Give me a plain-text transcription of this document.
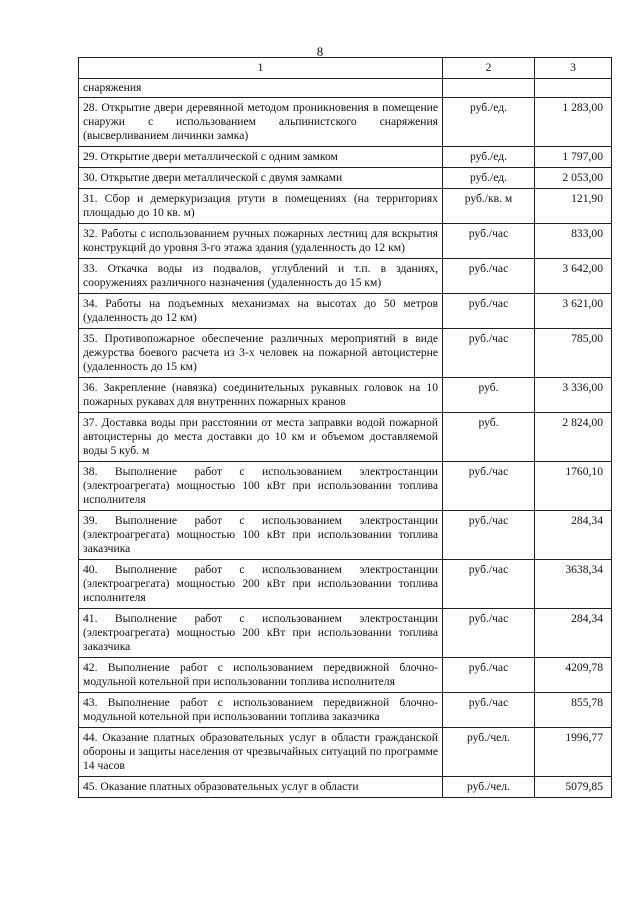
8
1	2	3
снаряжения		
28. Открытие двери деревянной методом проникновения в помещение снаружи с использованием альпинистского снаряжения (высверливанием личинки замка)	руб./ед.	1 283,00
29. Открытие двери металлической с одним замком	руб./ед.	1 797,00
30. Открытие двери металлической с двумя замками	руб./ед.	2 053,00
31. Сбор и демеркуризация ртути в помещениях (на территориях площадью до 10 кв. м)	руб./кв. м	121,90
32. Работы с использованием ручных пожарных лестниц для вскрытия конструкций до уровня 3-го этажа здания (удаленность до 12 км)	руб./час	833,00
33. Откачка воды из подвалов, углублений и т.п. в зданиях, сооружениях различного назначения (удаленность до 15 км)	руб./час	3 642,00
34. Работы на подъемных механизмах на высотах до 50 метров (удаленность до 12 км)	руб./час	3 621,00
35. Противопожарное обеспечение различных мероприятий в виде дежурства боевого расчета из 3-х человек на пожарной автоцистерне (удаленность до 15 км)	руб./час	785,00
36. Закрепление (навязка) соединительных рукавных головок на 10 пожарных рукавах для внутренних пожарных кранов	руб.	3 336,00
37. Доставка воды при расстоянии от места заправки водой пожарной автоцистерны до места доставки до 10 км и объемом доставляемой воды 5 куб. м	руб.	2 824,00
38. Выполнение работ с использованием электростанции (электроагрегата) мощностью 100 кВт при использовании топлива исполнителя	руб./час	1760,10
39. Выполнение работ с использованием электростанции (электроагрегата) мощностью 100 кВт при использовании топлива заказчика	руб./час	284,34
40. Выполнение работ с использованием электростанции (электроагрегата) мощностью 200 кВт при использовании топлива исполнителя	руб./час	3638,34
41. Выполнение работ с использованием электростанции (электроагрегата) мощностью 200 кВт при использовании топлива заказчика	руб./час	284,34
42. Выполнение работ с использованием передвижной блочно-модульной котельной при использовании топлива исполнителя	руб./час	4209,78
43. Выполнение работ с использованием передвижной блочно-модульной котельной при использовании топлива заказчика	руб./час	855,78
44. Оказание платных образовательных услуг в области гражданской обороны и защиты населения от чрезвычайных ситуаций по программе 14 часов	руб./чел.	1996,77
45. Оказание платных образовательных услуг в области	руб./чел.	5079,85
